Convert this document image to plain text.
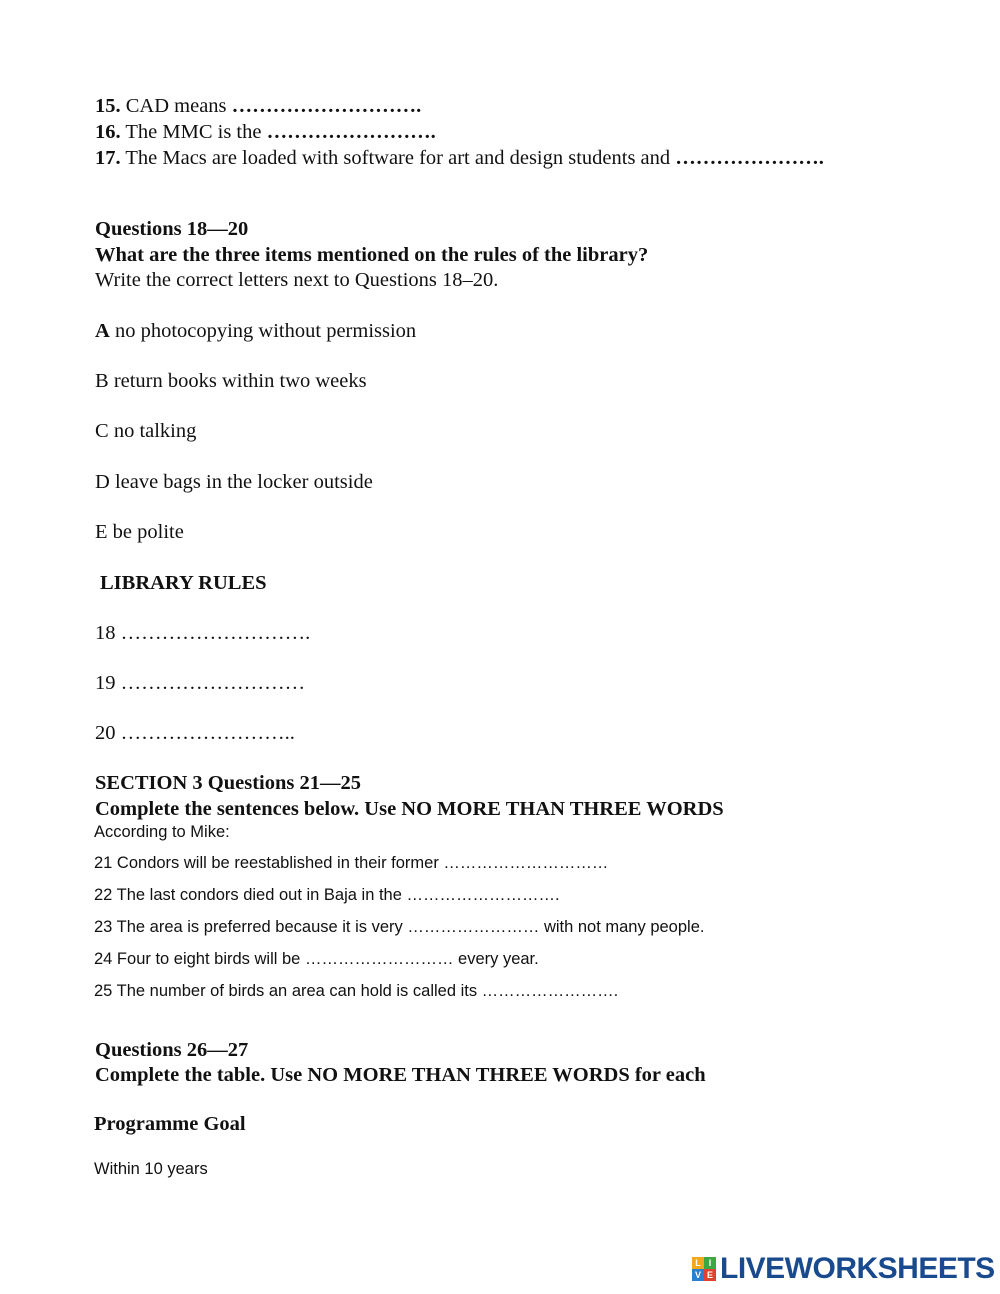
15. CAD means ……………………….
16. The MMC is the …………………….
17. The Macs are loaded with software for art and design students and ………………….
Questions 18—20
What are the three items mentioned on the rules of the library?
Write the correct letters next to Questions 18–20.
A no photocopying without permission
B return books within two weeks
C no talking
D leave bags in the locker outside
E be polite
LIBRARY RULES
18 ……………………….
19 ………………………
20 ……………………..
SECTION 3 Questions 21—25
Complete the sentences below. Use NO MORE THAN THREE WORDS
According to Mike:
21 Condors will be reestablished in their former …………………………
22 The last condors died out in Baja in the ……………………….
23 The area is preferred because it is very …………………… with not many people.
24 Four to eight birds will be ……………………… every year.
25 The number of birds an area can hold is called its …………………….
Questions 26—27
Complete the table. Use NO MORE THAN THREE WORDS for each
Programme Goal
Within 10 years
L I
V E LIVEWORKSHEETS
